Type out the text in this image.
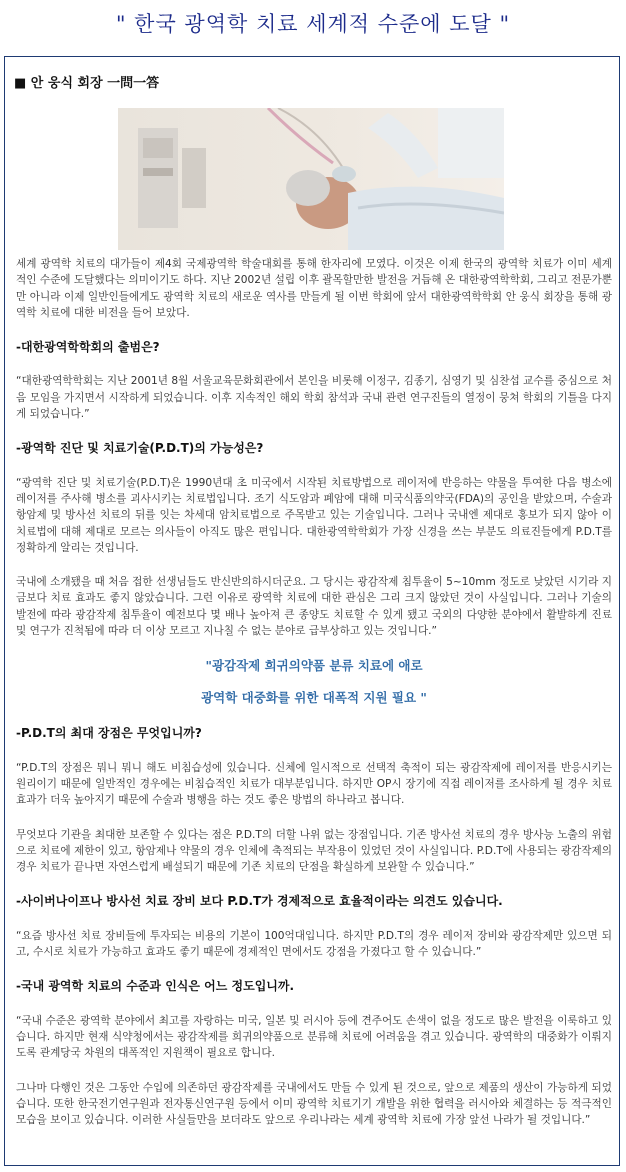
" 한국 광역학 치료 세계적 수준에 도달 "
■ 안 웅식 회장 一問一答

세계 광역학 치료의 대가들이 제4회 국제광역학 학술대회를 통해 한자리에 모였다. 이것은 이제 한국의 광역학 치료가 이미 세계적인 수준에 도달했다는 의미이기도 하다. 지난 2002년 설립 이후 괄목할만한 발전을 거듭해 온 대한광역학학회, 그리고 전문가뿐만 아니라 이제 일반인들에게도 광역학 치료의 새로운 역사를 만들게 될 이번 학회에 앞서 대한광역학학회 안 웅식 회장을 통해 광역학 치료에 대한 비전을 들어 보았다.

-대한광역학학회의 출범은?

“대한광역학학회는 지난 2001년 8월 서울교육문화회관에서 본인을 비롯해 이정구, 김종기, 심영기 및 심찬섭 교수를 중심으로 처음 모임을 가지면서 시작하게 되었습니다. 이후 지속적인 해외 학회 참석과 국내 관련 연구진들의 열정이 뭉쳐 학회의 기틀을 다지게 되었습니다.”

-광역학 진단 및 치료기술(P.D.T)의 가능성은?

“광역학 진단 및 치료기술(P.D.T)은 1990년대 초 미국에서 시작된 치료방법으로 레이저에 반응하는 약물을 투여한 다음 병소에 레이저를 주사해 병소를 괴사시키는 치료법입니다. 조기 식도암과 폐암에 대해 미국식품의약국(FDA)의 공인을 받았으며, 수술과 항암제 및 방사선 치료의 뒤를 잇는 차세대 암치료법으로 주목받고 있는 기술입니다. 그러나 국내엔 제대로 홍보가 되지 않아 이 치료법에 대해 제대로 모르는 의사들이 아직도 많은 편입니다. 대한광역학학회가 가장 신경을 쓰는 부분도 의료진들에게 P.D.T를 정확하게 알리는 것입니다.

국내에 소개됐을 때 처음 접한 선생님들도 반신반의하시더군요. 그 당시는 광감작제 침투율이 5~10mm 정도로 낮았던 시기라 지금보다 치료 효과도 좋지 않았습니다. 그런 이유로 광역학 치료에 대한 관심은 그리 크지 않았던 것이 사실입니다. 그러나 기술의 발전에 따라 광감작제 침투율이 예전보다 몇 배나 높아져 큰 종양도 치료할 수 있게 됐고 국외의 다양한 분야에서 활발하게 진료 및 연구가 진척됨에 따라 더 이상 모르고 지나칠 수 없는 분야로 급부상하고 있는 것입니다.”

"광감작제 희귀의약품 분류 치료에 애로
광역학 대중화를 위한 대폭적 지원 필요 "
-P.D.T의 최대 장점은 무엇입니까?

“P.D.T의 장점은 뭐니 뭐니 해도 비침습성에 있습니다. 신체에 일시적으로 선택적 축적이 되는 광감작제에 레이저를 반응시키는 원리이기 때문에 일반적인 경우에는 비침습적인 치료가 대부분입니다. 하지만 OP시 장기에 직접 레이저를 조사하게 될 경우 치료 효과가 더욱 높아지기 때문에 수술과 병행을 하는 것도 좋은 방법의 하나라고 봅니다.

무엇보다 기관을 최대한 보존할 수 있다는 점은 P.D.T의 더할 나위 없는 장점입니다. 기존 방사선 치료의 경우 방사능 노출의 위험으로 치료에 제한이 있고, 항암제나 약물의 경우 인체에 축적되는 부작용이 있었던 것이 사실입니다. P.D.T에 사용되는 광감작제의 경우 치료가 끝나면 자연스럽게 배설되기 때문에 기존 치료의 단점을 확실하게 보완할 수 있습니다.”

-사이버나이프나 방사선 치료 장비 보다 P.D.T가 경제적으로 효율적이라는 의견도 있습니다.

“요즘 방사선 치료 장비들에 투자되는 비용의 기본이 100억대입니다. 하지만 P.D.T의 경우 레이저 장비와 광감작제만 있으면 되고, 수시로 치료가 가능하고 효과도 좋기 때문에 경제적인 면에서도 강점을 가졌다고 할 수 있습니다.”

-국내 광역학 치료의 수준과 인식은 어느 정도입니까.

“국내 수준은 광역학 분야에서 최고를 자랑하는 미국, 일본 및 러시아 등에 견주어도 손색이 없을 정도로 많은 발전을 이룩하고 있습니다. 하지만 현재 식약청에서는 광감작제를 희귀의약품으로 분류해 치료에 어려움을 겪고 있습니다. 광역학의 대중화가 이뤄지도록 관계당국 차원의 대폭적인 지원책이 필요로 합니다.

그나마 다행인 것은 그동안 수입에 의존하던 광감작제를 국내에서도 만들 수 있게 된 것으로, 앞으로 제품의 생산이 가능하게 되었습니다. 또한 한국전기연구원과 전자통신연구원 등에서 이미 광역학 치료기기 개발을 위한 협력을 러시아와 체결하는 등 적극적인 모습을 보이고 있습니다. 이러한 사실들만을 보더라도 앞으로 우리나라는 세계 광역학 치료에 가장 앞선 나라가 될 것입니다.”
